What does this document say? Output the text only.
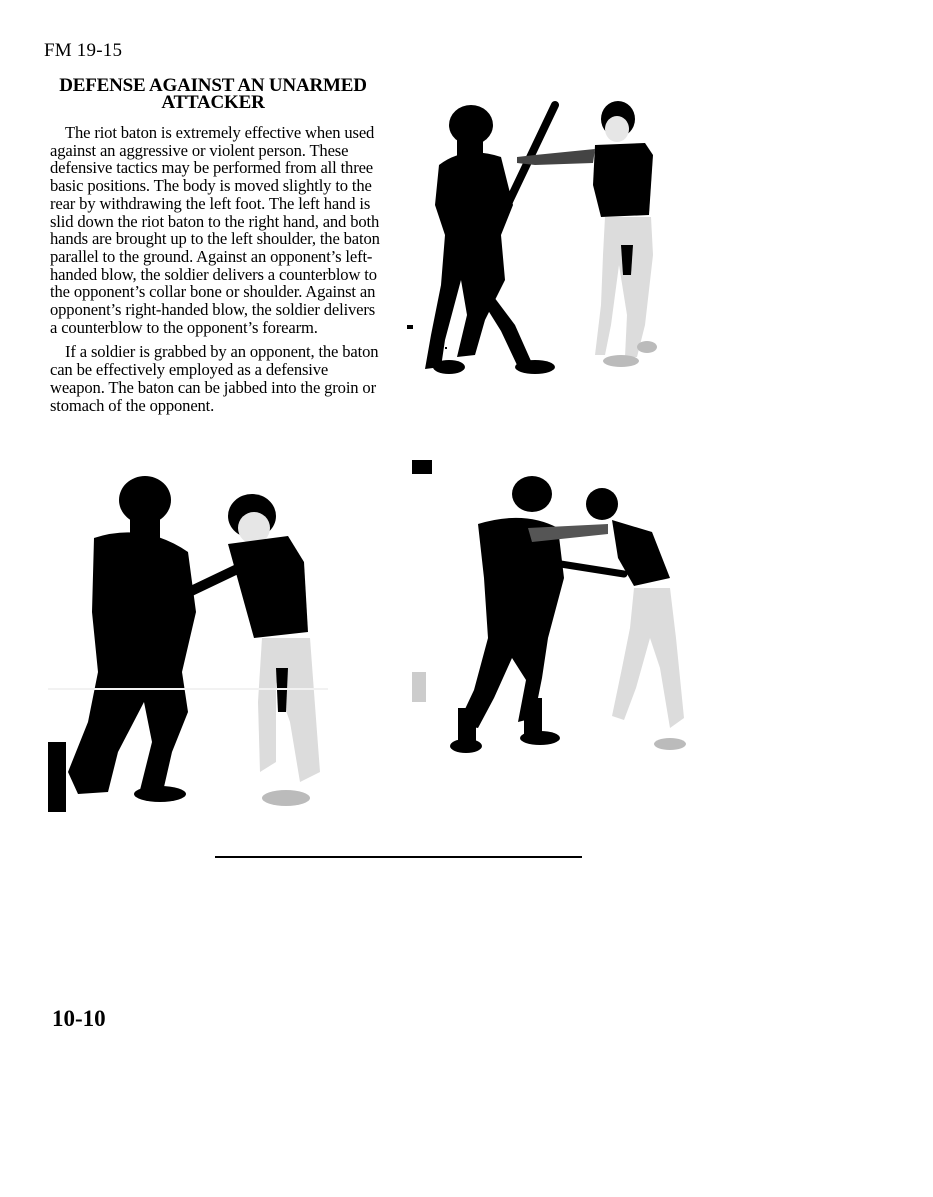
FM 19-15
DEFENSE AGAINST AN UNARMED ATTACKER

The riot baton is extremely effective when used against an aggressive or violent person. These defensive tactics may be performed from all three basic positions. The body is moved slightly to the rear by withdrawing the left foot. The left hand is slid down the riot baton to the right hand, and both hands are brought up to the left shoulder, the baton parallel to the ground. Against an opponent’s left-handed blow, the soldier delivers a counterblow to the opponent’s collar bone or shoulder. Against an opponent’s right-handed blow, the soldier delivers a counterblow to the opponent’s forearm.

If a soldier is grabbed by an opponent, the baton can be effectively employed as a defensive weapon. The baton can be jabbed into the groin or stomach of the opponent.

10-10
